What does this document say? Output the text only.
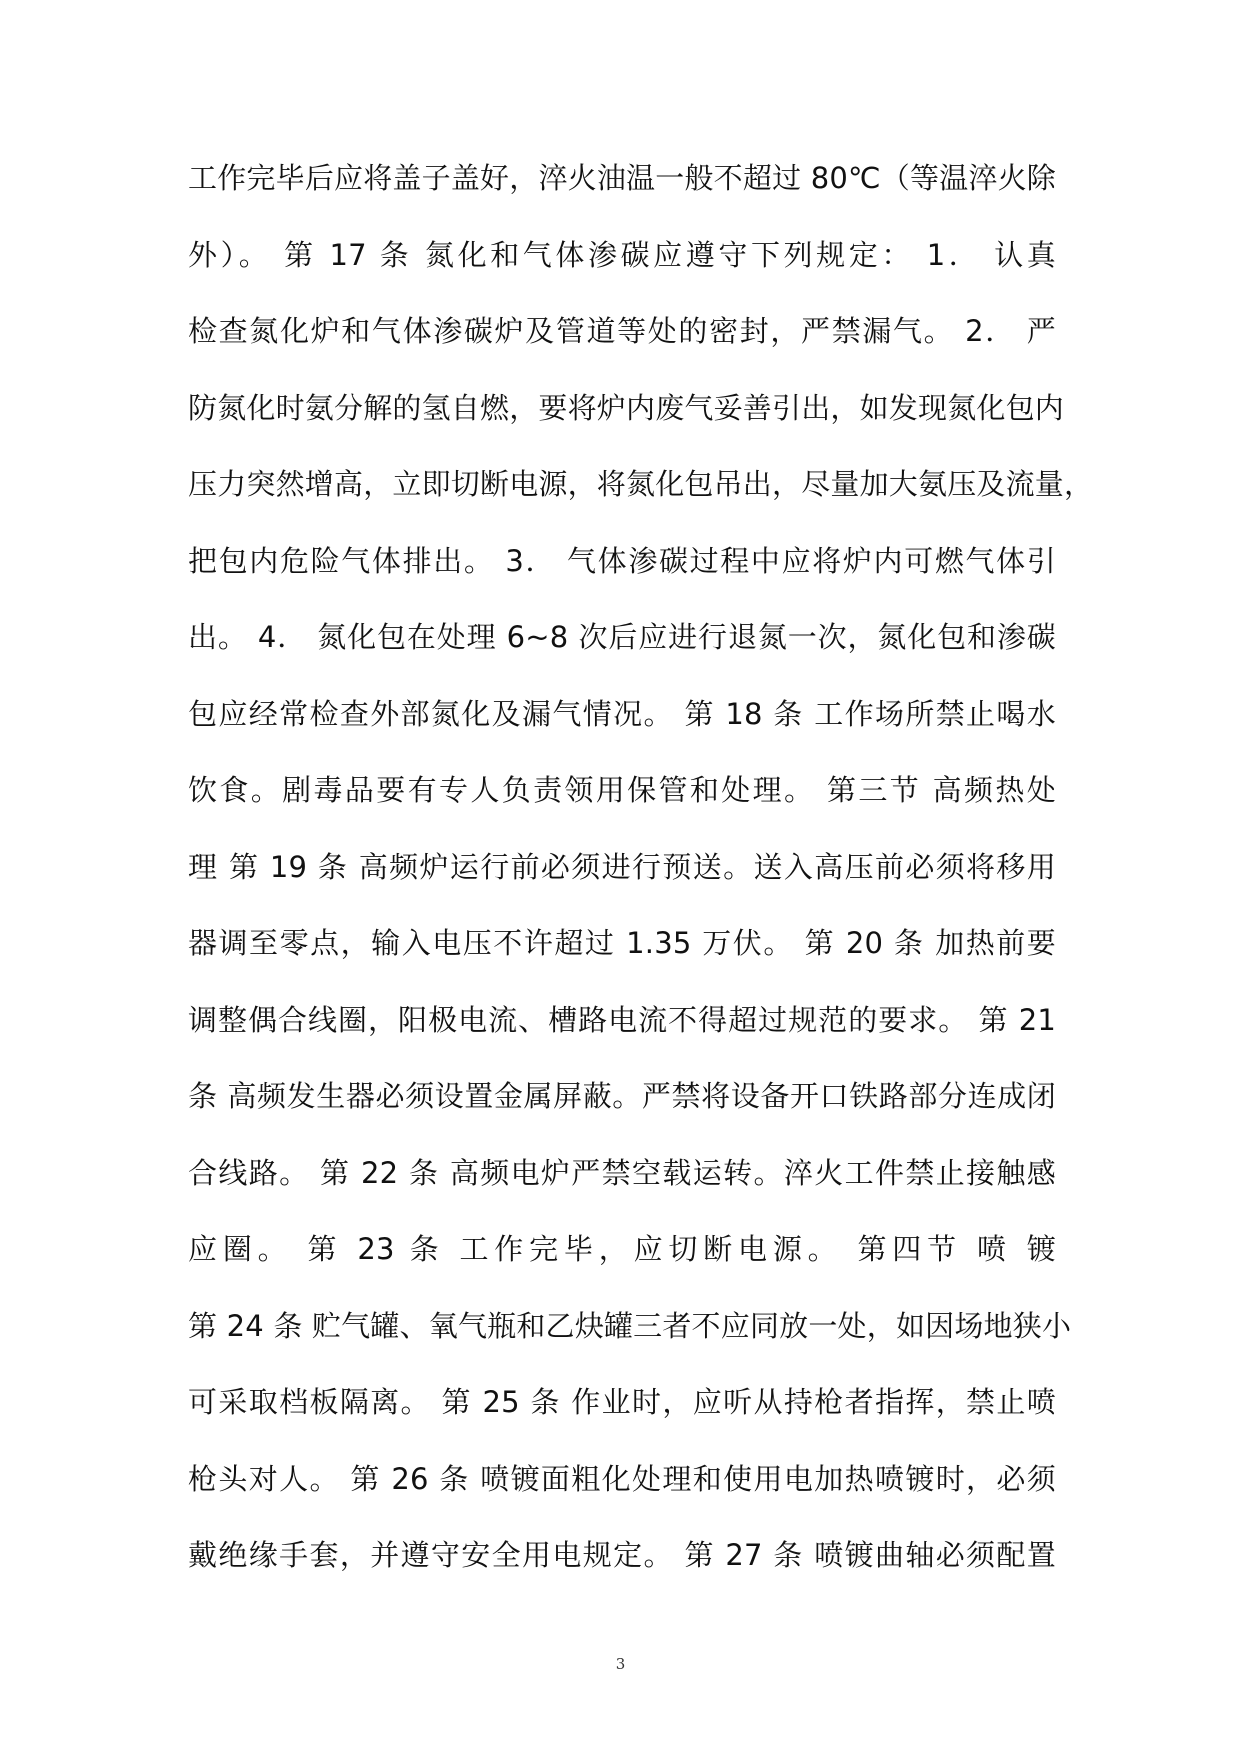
工作完毕后应将盖子盖好，淬火油温一般不超过 80℃（等温淬火除
外）。 第 17 条 氮化和气体渗碳应遵守下列规定： 1． 认真
检查氮化炉和气体渗碳炉及管道等处的密封，严禁漏气。 2． 严
防氮化时氨分解的氢自燃，要将炉内废气妥善引出，如发现氮化包内
压力突然增高，立即切断电源，将氮化包吊出，尽量加大氨压及流量，
把包内危险气体排出。 3． 气体渗碳过程中应将炉内可燃气体引
出。 4． 氮化包在处理 6~8 次后应进行退氮一次，氮化包和渗碳
包应经常检查外部氮化及漏气情况。 第 18 条 工作场所禁止喝水
饮食。剧毒品要有专人负责领用保管和处理。 第三节 高频热处
理 第 19 条 高频炉运行前必须进行预送。送入高压前必须将移用
器调至零点，输入电压不许超过 1.35 万伏。 第 20 条 加热前要
调整偶合线圈，阳极电流、槽路电流不得超过规范的要求。 第 21
条 高频发生器必须设置金属屏蔽。严禁将设备开口铁路部分连成闭
合线路。 第 22 条 高频电炉严禁空载运转。淬火工件禁止接触感
应圈。 第 23 条 工作完毕，应切断电源。 第四节 喷 镀
第 24 条 贮气罐、氧气瓶和乙炔罐三者不应同放一处，如因场地狭小
可采取档板隔离。 第 25 条 作业时，应听从持枪者指挥，禁止喷
枪头对人。 第 26 条 喷镀面粗化处理和使用电加热喷镀时，必须
戴绝缘手套，并遵守安全用电规定。 第 27 条 喷镀曲轴必须配置
3
